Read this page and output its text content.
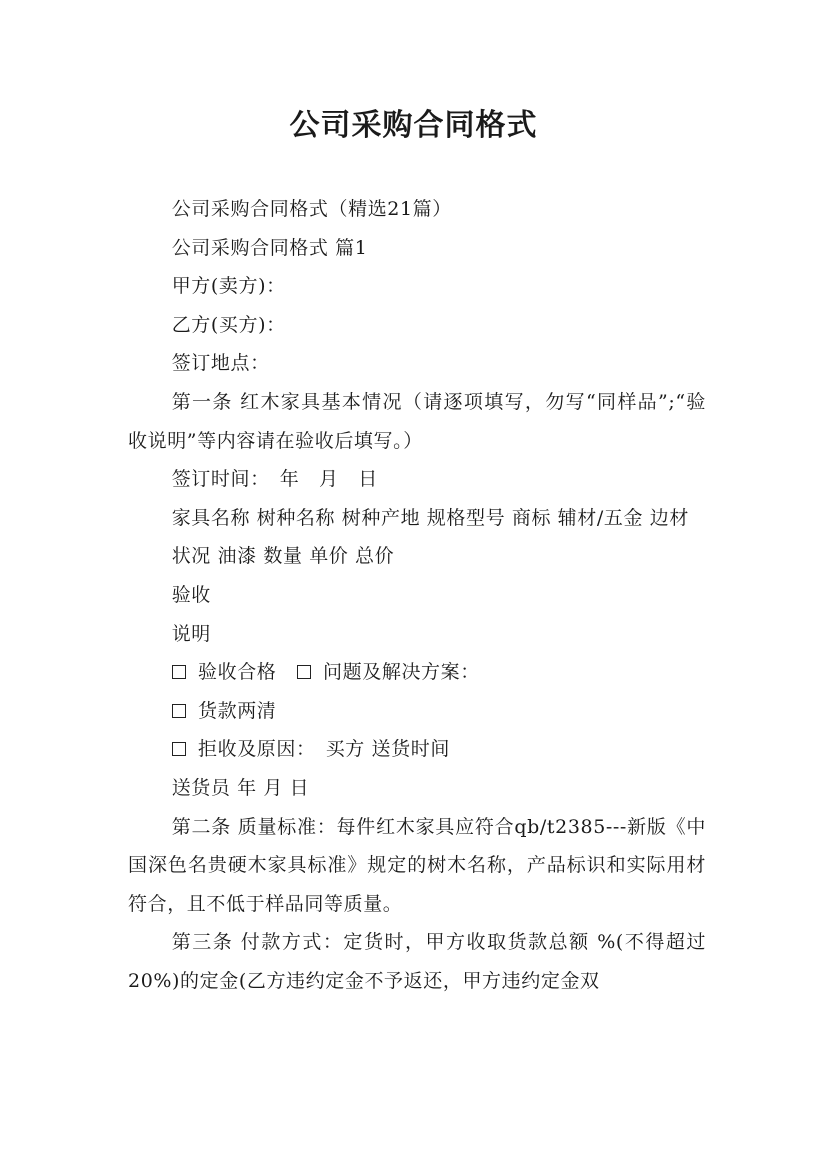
公司采购合同格式

公司采购合同格式（精选21篇）

公司采购合同格式 篇1

甲方(卖方)：

乙方(买方)：

签订地点：

第一条 红木家具基本情况（请逐项填写，勿写“同样品”;“验收说明”等内容请在验收后填写。）

签订时间：　年　月　日

家具名称 树种名称 树种产地 规格型号 商标 辅材/五金 边材

状况 油漆 数量 单价 总价

验收

说明

验收合格 问题及解决方案：

货款两清

拒收及原因：　买方 送货时间

送货员 年 月 日

第二条 质量标准：每件红木家具应符合qb/t2385---新版《中国深色名贵硬木家具标准》规定的树木名称，产品标识和实际用材符合，且不低于样品同等质量。

第三条 付款方式：定货时，甲方收取货款总额 %(不得超过20%)的定金(乙方违约定金不予返还，甲方违约定金双
